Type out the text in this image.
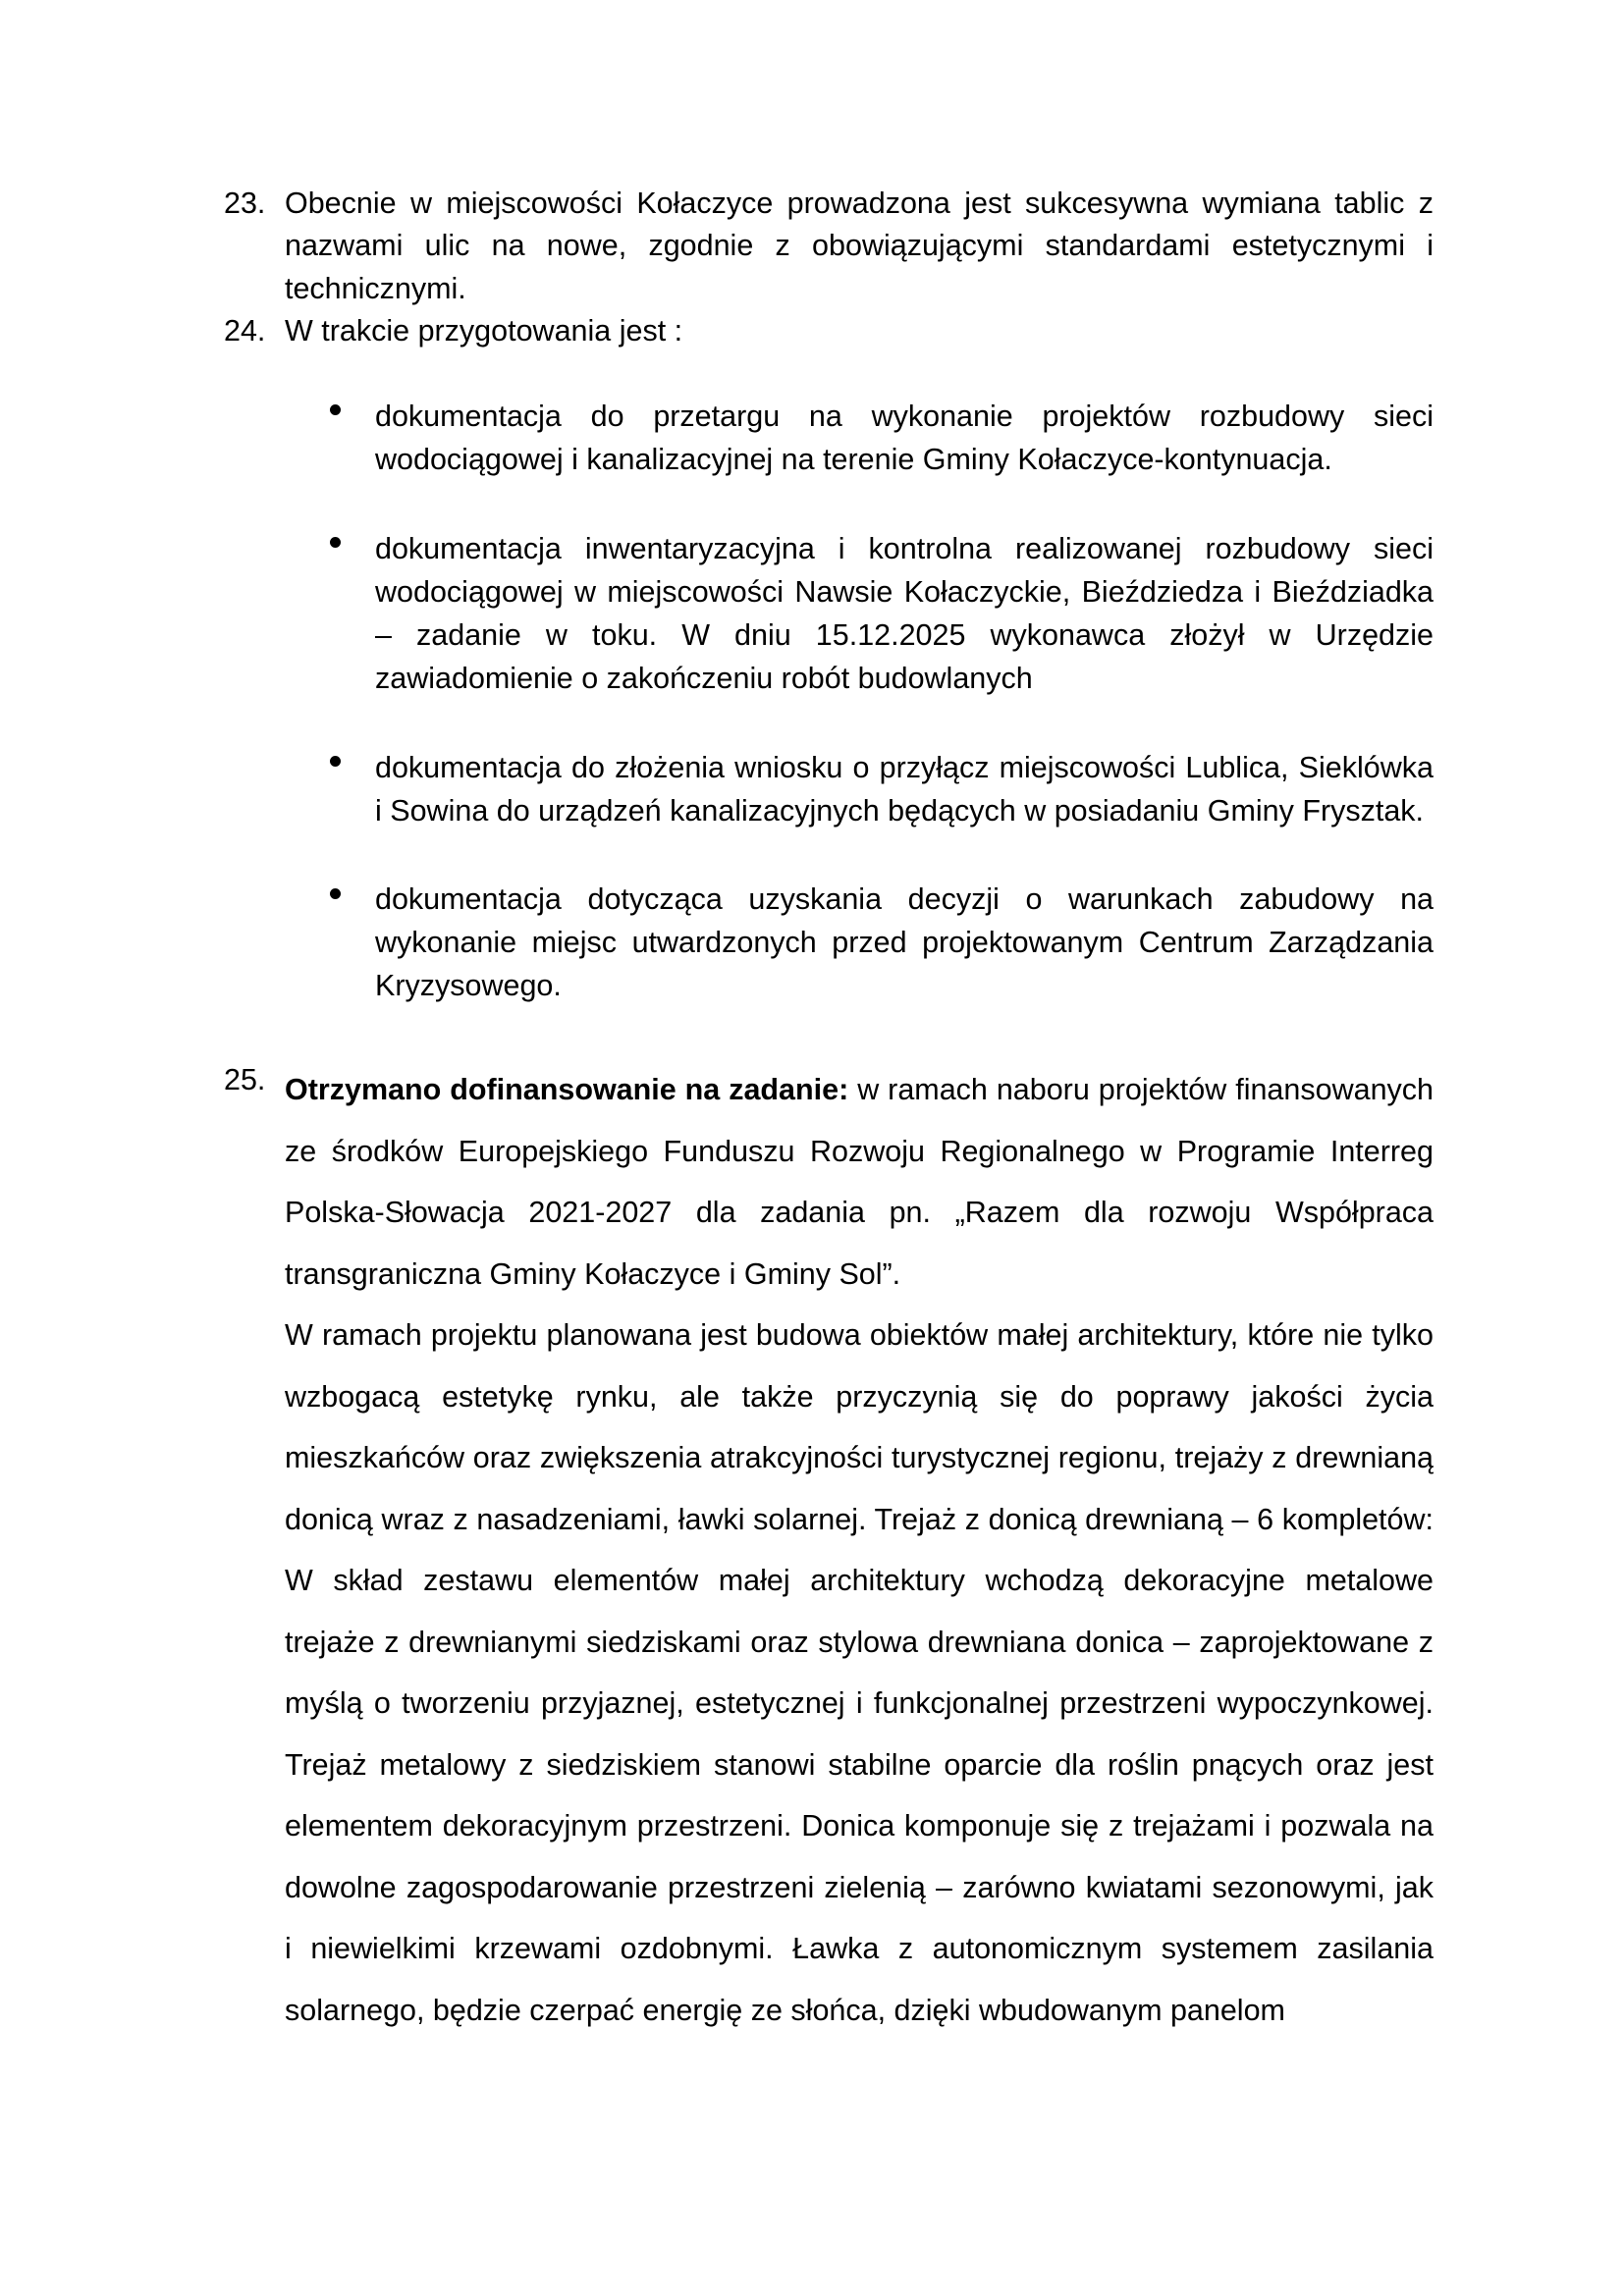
23. Obecnie w miejscowości Kołaczyce prowadzona jest sukcesywna wymiana tablic z nazwami ulic na nowe, zgodnie z obowiązującymi standardami estetycznymi i technicznymi.
24. W trakcie przygotowania jest :
dokumentacja do przetargu na wykonanie projektów rozbudowy sieci wodociągowej i kanalizacyjnej na terenie Gminy Kołaczyce-kontynuacja.
dokumentacja inwentaryzacyjna i kontrolna realizowanej rozbudowy sieci wodociągowej w miejscowości Nawsie Kołaczyckie, Bieździedza i Bieździadka – zadanie w toku. W dniu 15.12.2025 wykonawca złożył w Urzędzie zawiadomienie o zakończeniu robót budowlanych
dokumentacja do złożenia wniosku o przyłącz miejscowości Lublica, Sieklówka i Sowina do urządzeń kanalizacyjnych będących w posiadaniu Gminy Frysztak.
dokumentacja dotycząca uzyskania decyzji o warunkach zabudowy na wykonanie miejsc utwardzonych przed projektowanym Centrum Zarządzania Kryzysowego.
25. Otrzymano dofinansowanie na zadanie: w ramach naboru projektów finansowanych ze środków Europejskiego Funduszu Rozwoju Regionalnego w Programie Interreg Polska-Słowacja 2021-2027 dla zadania pn. „Razem dla rozwoju Współpraca transgraniczna Gminy Kołaczyce i Gminy Sol”.

W ramach projektu planowana jest budowa obiektów małej architektury, które nie tylko wzbogacą estetykę rynku, ale także przyczynią się do poprawy jakości życia mieszkańców oraz zwiększenia atrakcyjności turystycznej regionu, trejaży z drewnianą donicą wraz z nasadzeniami, ławki solarnej. Trejaż z donicą drewnianą – 6 kompletów: W skład zestawu elementów małej architektury wchodzą dekoracyjne metalowe trejaże z drewnianymi siedziskami oraz stylowa drewniana donica – zaprojektowane z myślą o tworzeniu przyjaznej, estetycznej i funkcjonalnej przestrzeni wypoczynkowej. Trejaż metalowy z siedziskiem stanowi stabilne oparcie dla roślin pnących oraz jest elementem dekoracyjnym przestrzeni. Donica komponuje się z trejażami i pozwala na dowolne zagospodarowanie przestrzeni zielenią – zarówno kwiatami sezonowymi, jak i niewielkimi krzewami ozdobnymi. Ławka z autonomicznym systemem zasilania solarnego, będzie czerpać energię ze słońca, dzięki wbudowanym panelom
